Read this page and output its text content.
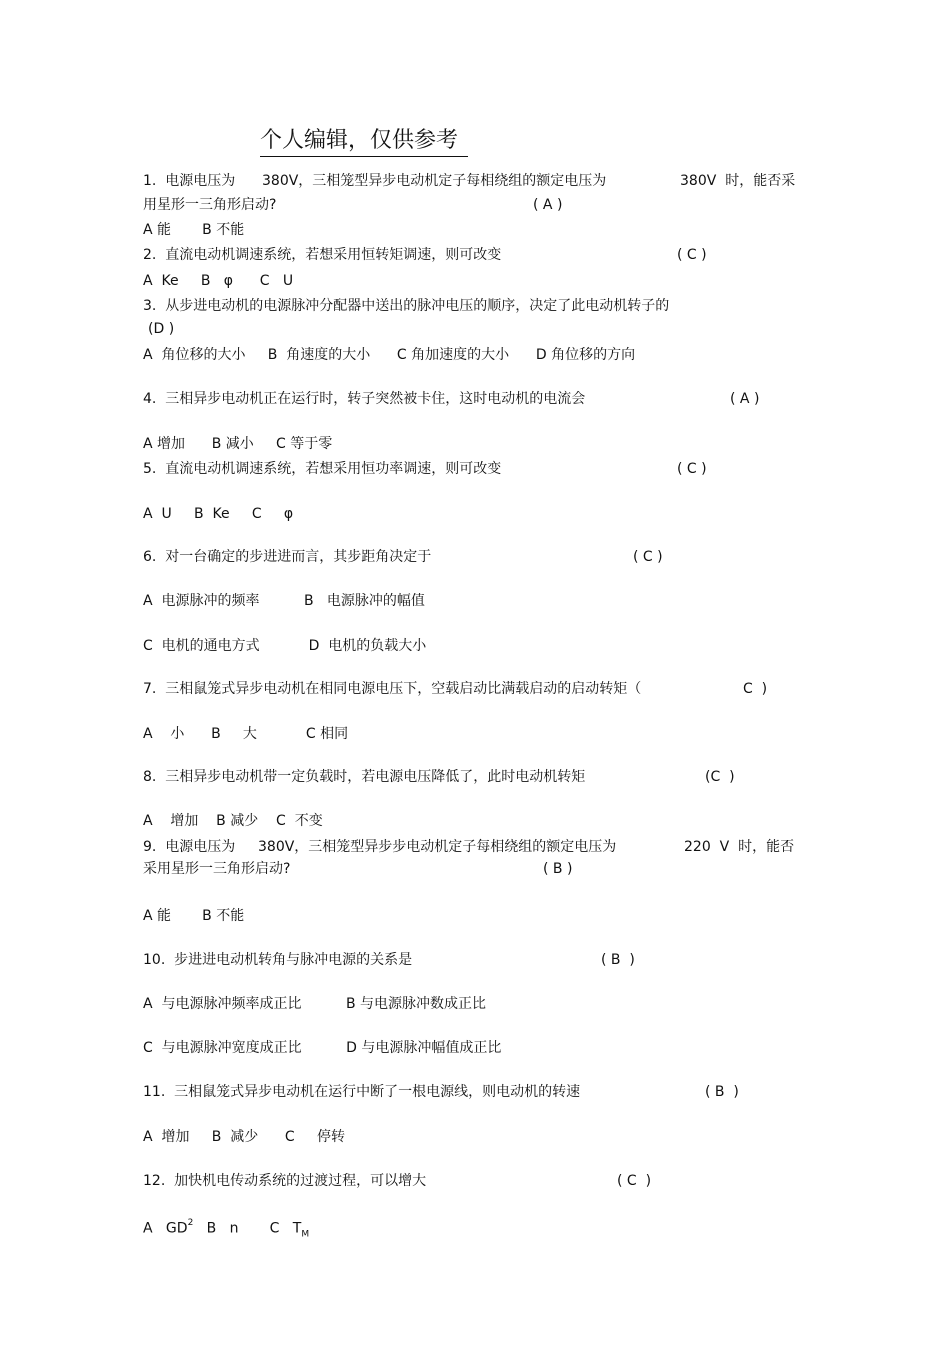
个人编辑，仅供参考
1.  电源电压为 380V，三相笼型异步电动机定子每相绕组的额定电压为	380V  时，能否采
用星形一三角形启动?	( A )
A 能       B 不能
2.  直流电动机调速系统，若想采用恒转矩调速，则可改变	( C )
A  Ke     B   φ      C   U
3.  从步进电动机的电源脉冲分配器中送出的脉冲电压的顺序，决定了此电动机转子的
(D )
A  角位移的大小     B  角速度的大小      C 角加速度的大小      D 角位移的方向
4.  三相异步电动机正在运行时，转子突然被卡住，这时电动机的电流会	( A )
A 增加      B 减小     C 等于零
5.  直流电动机调速系统，若想采用恒功率调速，则可改变	( C )
A  U     B  Ke     C     φ
6.  对一台确定的步进进而言，其步距角决定于	( C )
A  电源脉冲的频率          B   电源脉冲的幅值
C  电机的通电方式           D  电机的负载大小
7.  三相鼠笼式异步电动机在相同电源电压下，空载启动比满载启动的启动转矩（	C  )
A    小      B     大           C 相同
8.  三相异步电动机带一定负载时，若电源电压降低了，此时电动机转矩	(C  )
A    增加    B 减少    C  不变
9.  电源电压为 380V，三相笼型异步步电动机定子每相绕组的额定电压为	220  V  时，能否
采用星形一三角形启动?	( B )
A 能       B 不能
10.  步进进电动机转角与脉冲电源的关系是	( B  )
A  与电源脉冲频率成正比          B 与电源脉冲数成正比
C  与电源脉冲宽度成正比          D 与电源脉冲幅值成正比
11.  三相鼠笼式异步电动机在运行中断了一根电源线，则电动机的转速	( B  )
A  增加     B  减少      C     停转
12.  加快机电传动系统的过渡过程，可以增大	( C  )
A   $GD^2$   B   n       C   $T_M$
